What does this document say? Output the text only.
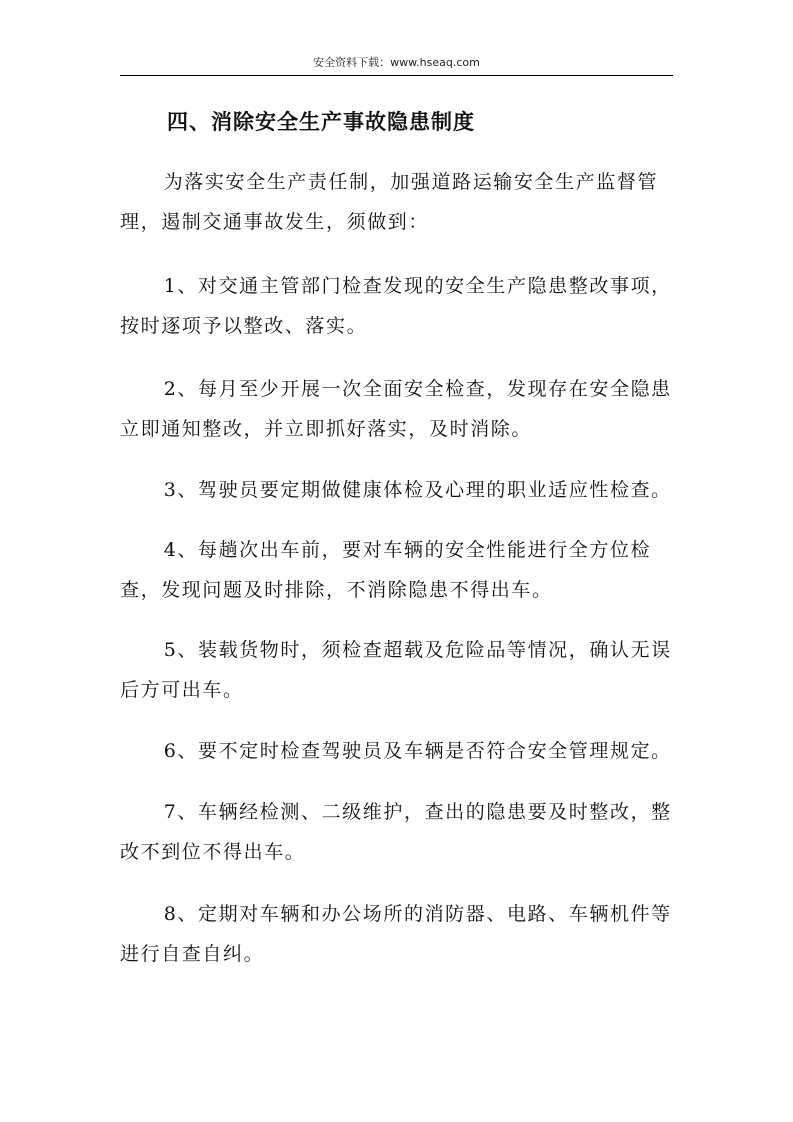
安全资料下载：www.hseaq.com
四、消除安全生产事故隐患制度

为落实安全生产责任制，加强道路运输安全生产监督管理，遏制交通事故发生，须做到：

1、对交通主管部门检查发现的安全生产隐患整改事项，按时逐项予以整改、落实。

2、每月至少开展一次全面安全检查，发现存在安全隐患立即通知整改，并立即抓好落实，及时消除。

3、驾驶员要定期做健康体检及心理的职业适应性检查。

4、每趟次出车前，要对车辆的安全性能进行全方位检查，发现问题及时排除，不消除隐患不得出车。

5、装载货物时，须检查超载及危险品等情况，确认无误后方可出车。

6、要不定时检查驾驶员及车辆是否符合安全管理规定。

7、车辆经检测、二级维护，查出的隐患要及时整改，整改不到位不得出车。

8、定期对车辆和办公场所的消防器、电路、车辆机件等进行自查自纠。
